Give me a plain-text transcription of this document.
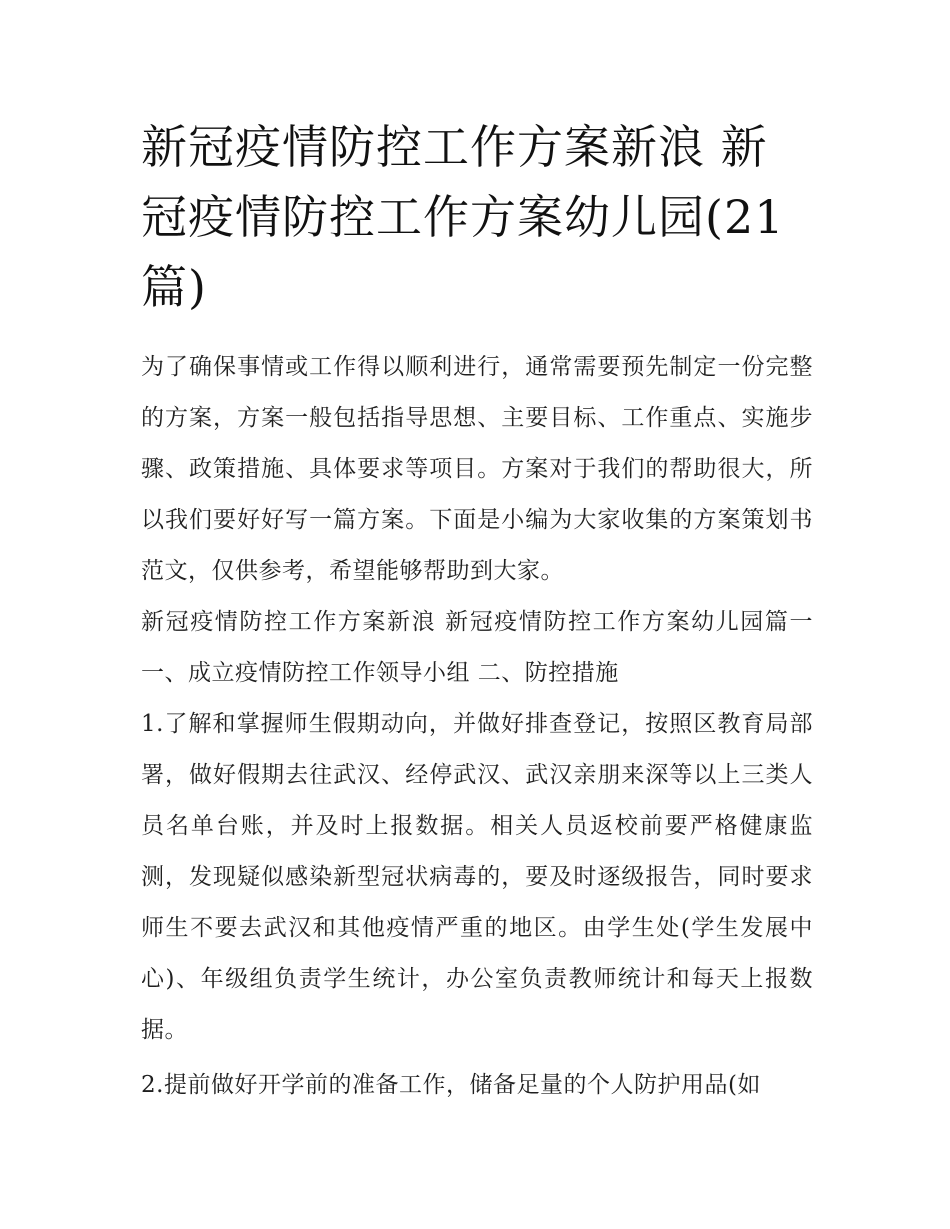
新冠疫情防控工作方案新浪 新冠疫情防控工作方案幼儿园(21篇)

为了确保事情或工作得以顺利进行，通常需要预先制定一份完整的方案，方案一般包括指导思想、主要目标、工作重点、实施步骤、政策措施、具体要求等项目。方案对于我们的帮助很大，所以我们要好好写一篇方案。下面是小编为大家收集的方案策划书范文，仅供参考，希望能够帮助到大家。

新冠疫情防控工作方案新浪 新冠疫情防控工作方案幼儿园篇一 一、成立疫情防控工作领导小组 二、防控措施

1.了解和掌握师生假期动向，并做好排查登记，按照区教育局部署，做好假期去往武汉、经停武汉、武汉亲朋来深等以上三类人员名单台账，并及时上报数据。相关人员返校前要严格健康监测，发现疑似感染新型冠状病毒的，要及时逐级报告，同时要求师生不要去武汉和其他疫情严重的地区。由学生处(学生发展中心)、年级组负责学生统计，办公室负责教师统计和每天上报数据。

2.提前做好开学前的准备工作，储备足量的个人防护用品(如
